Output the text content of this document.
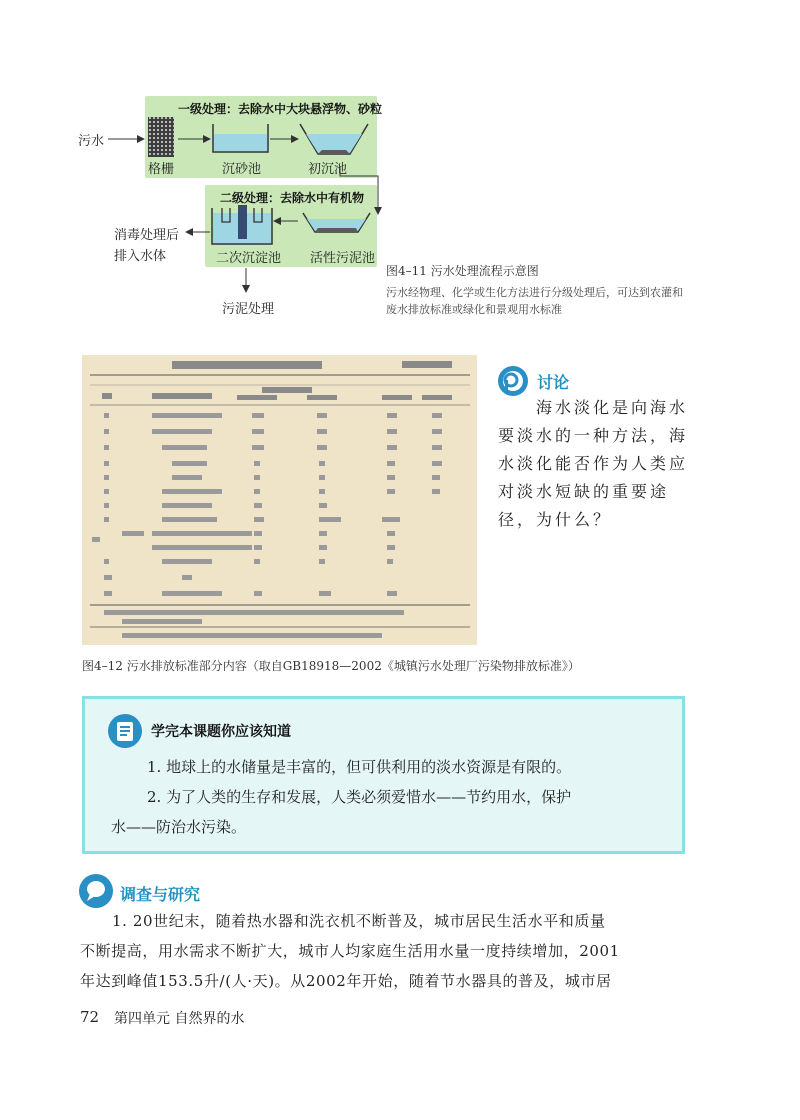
一级处理：去除水中大块悬浮物、砂粒
二级处理：去除水中有机物
污水
格栅	沉砂池	初沉池
二次沉淀池 活性污泥池
消毒处理后
排入水体
污泥处理
图4–11 污水处理流程示意图
污水经物理、化学或生化方法进行分级处理后，可达到农灌和废水排放标准或绿化和景观用水标准
图4–12 污水排放标准部分内容（取自GB18918—2002《城镇污水处理厂污染物排放标准》）
讨论
海水淡化是向海水要淡水的一种方法，海水淡化能否作为人类应对淡水短缺的重要途径，为什么？
学完本课题你应该知道
1. 地球上的水储量是丰富的，但可供利用的淡水资源是有限的。
2. 为了人类的生存和发展，人类必须爱惜水——节约用水，保护
水——防治水污染。
调查与研究
1. 20世纪末，随着热水器和洗衣机不断普及，城市居民生活水平和质量
不断提高，用水需求不断扩大，城市人均家庭生活用水量一度持续增加，2001
年达到峰值153.5升/(人·天)。从2002年开始，随着节水器具的普及，城市居
72 第四单元 自然界的水
